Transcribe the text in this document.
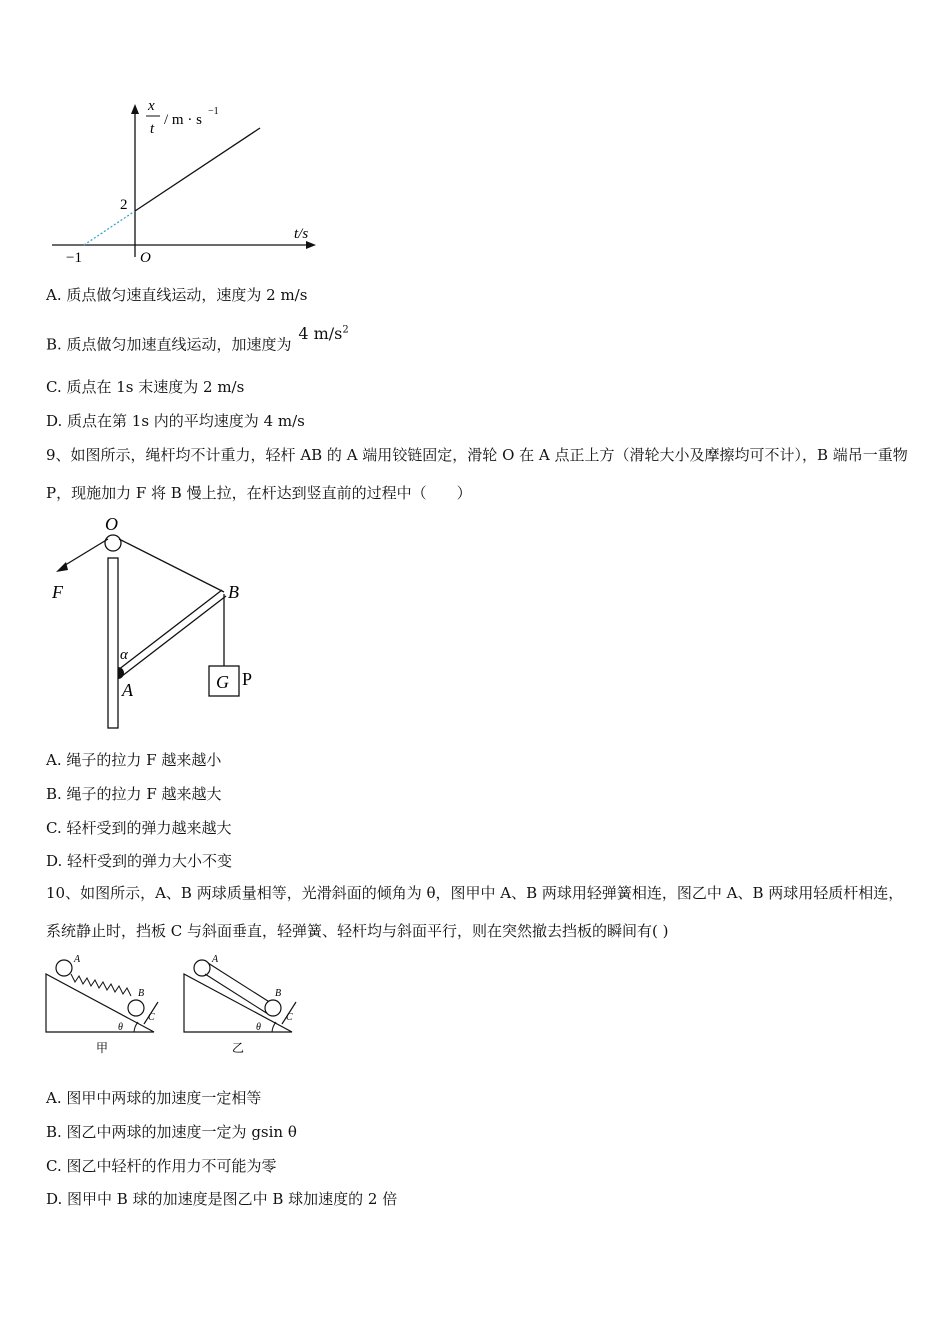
x
t
/ m · s
−1
2
t/s
−1	O
A. 质点做匀速直线运动，速度为 2 m/s
B. 质点做匀加速直线运动，加速度为 4 $m/s^2$
C. 质点在 1s 末速度为 2 m/s
D. 质点在第 1s 内的平均速度为 4 m/s
9、如图所示，绳杆均不计重力，轻杆 AB 的 A 端用铰链固定，滑轮 O 在 A 点正上方（滑轮大小及摩擦均可不计），B 端吊一重物 P，现施加力 F 将 B 慢上拉，在杆达到竖直前的过程中（　　）
O
F	B
α
A	G P
A. 绳子的拉力 F 越来越小
B. 绳子的拉力 F 越来越大
C. 轻杆受到的弹力越来越大
D. 轻杆受到的弹力大小不变
10、如图所示，A、B 两球质量相等，光滑斜面的倾角为 θ，图甲中 A、B 两球用轻弹簧相连，图乙中 A、B 两球用轻质杆相连，系统静止时，挡板 C 与斜面垂直，轻弹簧、轻杆均与斜面平行，则在突然撤去挡板的瞬间有( )
A
B
C
θ
甲
A
B
C
θ
乙
A. 图甲中两球的加速度一定相等
B. 图乙中两球的加速度一定为 gsin θ
C. 图乙中轻杆的作用力不可能为零
D. 图甲中 B 球的加速度是图乙中 B 球加速度的 2 倍
